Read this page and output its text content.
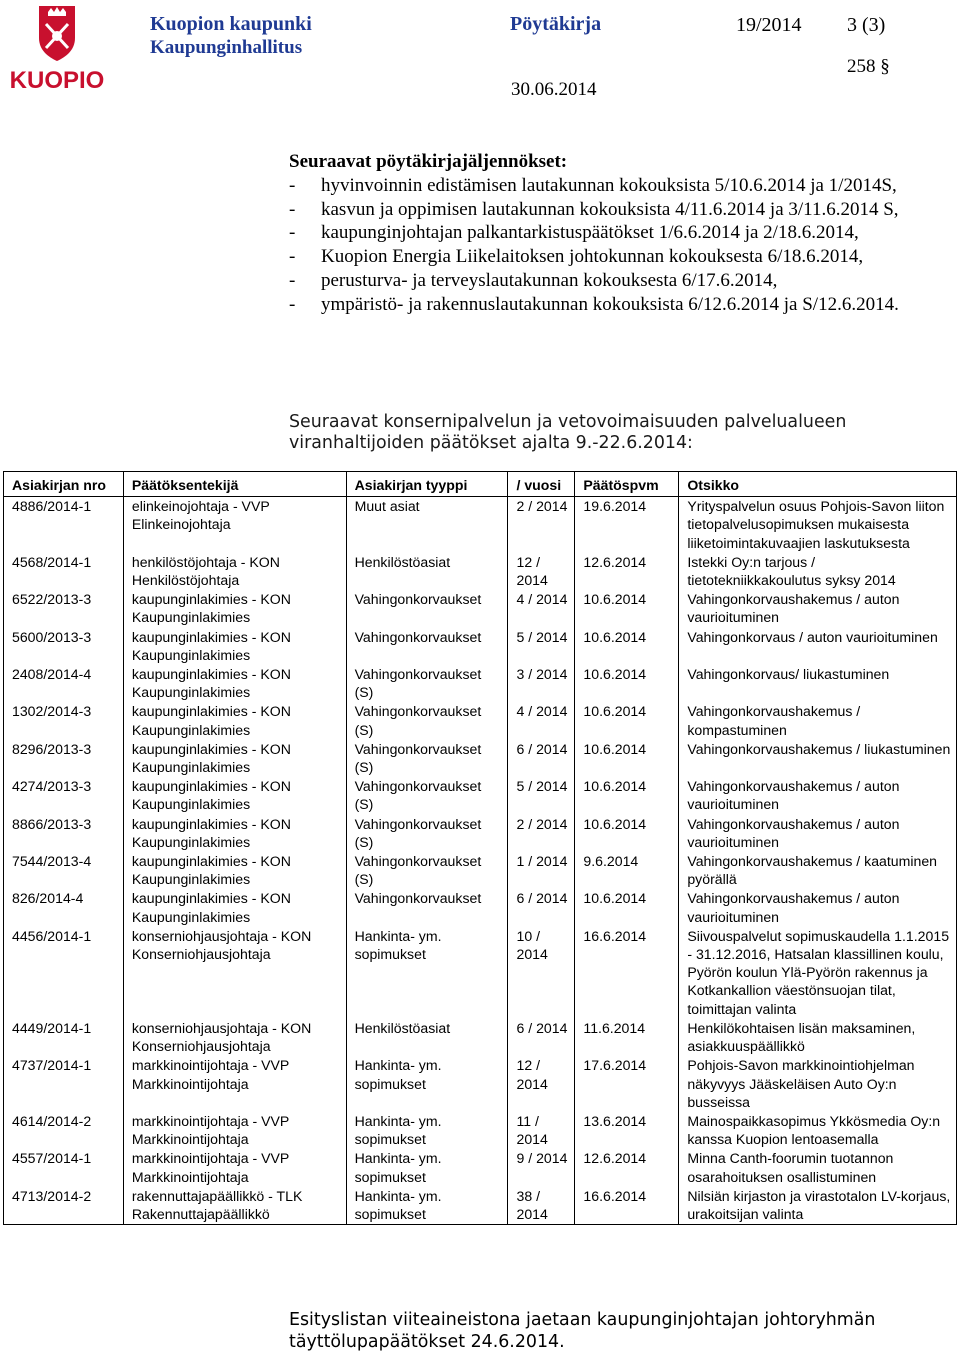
KUOPIO
Kuopion kaupunki	Pöytäkirja	19/2014 3 (3)
Kaupunginhallitus
258 §
30.06.2014
Seuraavat pöytäkirjajäljennökset:
- hyvinvoinnin edistämisen lautakunnan kokouksista 5/10.6.2014 ja 1/2014S,
- kasvun ja oppimisen lautakunnan kokouksista 4/11.6.2014 ja 3/11.6.2014 S,
- kaupunginjohtajan palkantarkistuspäätökset 1/6.6.2014 ja 2/18.6.2014,
- Kuopion Energia Liikelaitoksen johtokunnan kokouksesta 6/18.6.2014,
- perusturva- ja terveyslautakunnan kokouksesta 6/17.6.2014,
- ympäristö- ja rakennuslautakunnan kokouksista 6/12.6.2014 ja S/12.6.2014.
Seuraavat konsernipalvelun ja vetovoimaisuuden palvelualueen viranhaltijoiden päätökset ajalta 9.-22.6.2014:
Asiakirjan nro	Päätöksentekijä	Asiakirjan tyyppi	/ vuosi	Päätöspvm	Otsikko
4886/2014-1	elinkeinojohtaja - VVP Elinkeinojohtaja	Muut asiat	2 / 2014	19.6.2014	Yrityspalvelun osuus Pohjois-Savon liiton tietopalvelusopimuksen mukaisesta liiketoimintakuvaajien laskutuksesta
4568/2014-1	henkilöstöjohtaja - KON Henkilöstöjohtaja	Henkilöstöasiat	12 / 2014	12.6.2014	Istekki Oy:n tarjous / tietotekniikkakoulutus syksy 2014
6522/2013-3	kaupunginlakimies - KON Kaupunginlakimies	Vahingonkorvaukset	4 / 2014	10.6.2014	Vahingonkorvaushakemus / auton vaurioituminen
5600/2013-3	kaupunginlakimies - KON Kaupunginlakimies	Vahingonkorvaukset	5 / 2014	10.6.2014	Vahingonkorvaus / auton vaurioituminen
2408/2014-4	kaupunginlakimies - KON Kaupunginlakimies	Vahingonkorvaukset (S)	3 / 2014	10.6.2014	Vahingonkorvaus/ liukastuminen
1302/2014-3	kaupunginlakimies - KON Kaupunginlakimies	Vahingonkorvaukset (S)	4 / 2014	10.6.2014	Vahingonkorvaushakemus / kompastuminen
8296/2013-3	kaupunginlakimies - KON Kaupunginlakimies	Vahingonkorvaukset (S)	6 / 2014	10.6.2014	Vahingonkorvaushakemus / liukastuminen
4274/2013-3	kaupunginlakimies - KON Kaupunginlakimies	Vahingonkorvaukset (S)	5 / 2014	10.6.2014	Vahingonkorvaushakemus / auton vaurioituminen
8866/2013-3	kaupunginlakimies - KON Kaupunginlakimies	Vahingonkorvaukset (S)	2 / 2014	10.6.2014	Vahingonkorvaushakemus / auton vaurioituminen
7544/2013-4	kaupunginlakimies - KON Kaupunginlakimies	Vahingonkorvaukset (S)	1 / 2014	9.6.2014	Vahingonkorvaushakemus / kaatuminen pyörällä
826/2014-4	kaupunginlakimies - KON Kaupunginlakimies	Vahingonkorvaukset	6 / 2014	10.6.2014	Vahingonkorvaushakemus / auton vaurioituminen
4456/2014-1	konserniohjausjohtaja - KON Konserniohjausjohtaja	Hankinta- ym. sopimukset	10 / 2014	16.6.2014	Siivouspalvelut sopimuskaudella 1.1.2015 - 31.12.2016, Hatsalan klassillinen koulu, Pyörön koulun Ylä-Pyörön rakennus ja Kotkankallion väestönsuojan tilat, toimittajan valinta
4449/2014-1	konserniohjausjohtaja - KON Konserniohjausjohtaja	Henkilöstöasiat	6 / 2014	11.6.2014	Henkilökohtaisen lisän maksaminen, asiakkuuspäällikkö
4737/2014-1	markkinointijohtaja - VVP Markkinointijohtaja	Hankinta- ym. sopimukset	12 / 2014	17.6.2014	Pohjois-Savon markkinointiohjelman näkyvyys Jääskeläisen Auto Oy:n busseissa
4614/2014-2	markkinointijohtaja - VVP Markkinointijohtaja	Hankinta- ym. sopimukset	11 / 2014	13.6.2014	Mainospaikkasopimus Ykkösmedia Oy:n kanssa Kuopion lentoasemalla
4557/2014-1	markkinointijohtaja - VVP Markkinointijohtaja	Hankinta- ym. sopimukset	9 / 2014	12.6.2014	Minna Canth-foorumin tuotannon osarahoituksen osallistuminen
4713/2014-2	rakennuttajapäällikkö - TLK Rakennuttajapäällikkö	Hankinta- ym. sopimukset	38 / 2014	16.6.2014	Nilsiän kirjaston ja virastotalon LV-korjaus, urakoitsijan valinta
Esityslistan viiteaineistona jaetaan kaupunginjohtajan johtoryhmän täyttölupapäätökset 24.6.2014.
